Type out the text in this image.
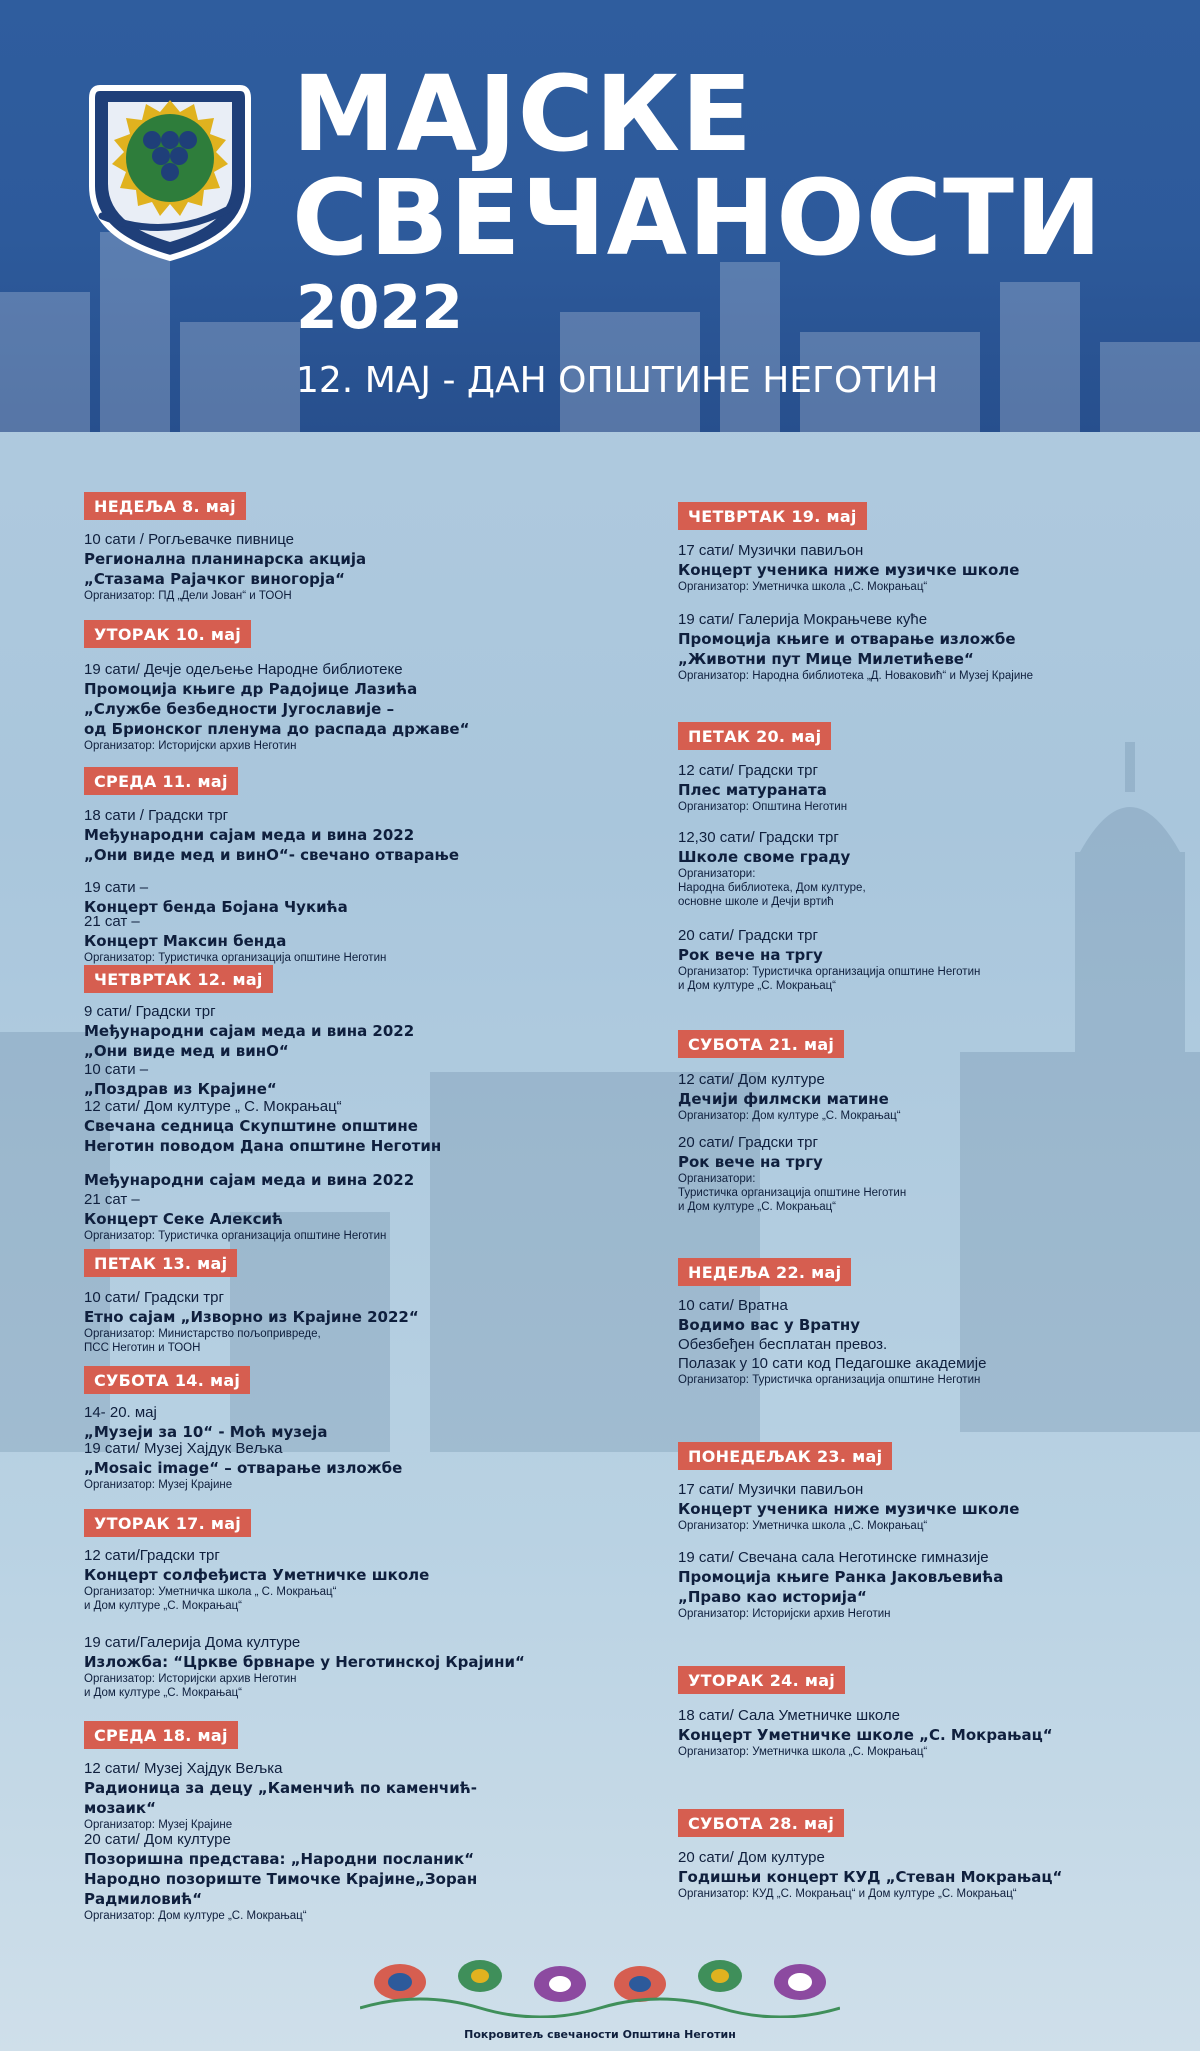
МАЈСКЕ
СВЕЧАНОСТИ
2022
12. МАЈ - ДАН ОПШТИНЕ НЕГОТИН
НЕДЕЉА 8. мај
10 сати / Рогљевачке пивнице
Регионална планинарска акција
„Стазама Рајачког виногорја“
Организатор: ПД „Дели Јован“ и ТООН
УТОРАК 10. мај
19 сати/ Дечје одељење Народне библиотеке
Промоција књиге др Радојице Лазића
„Службе безбедности Југославије –
од Брионског пленума до распада државе“
Организатор: Историјски архив Неготин
СРЕДА 11. мај
18 сати / Градски трг
Међународни сајам меда и вина 2022
„Они виде мед и винО“- свечано отварање
19 сати –
Концерт бенда Бојана Чукића
21 сат –
Концерт Максин бенда
Организатор: Туристичка организација општине Неготин
ЧЕТВРТАК 12. мај
9 сати/ Градски трг
Међународни сајам меда и вина 2022
„Они виде мед и винО“
10 сати –
„Поздрав из Крајине“
12 сати/ Дом културе „ С. Мокрањац“
Свечана седница Скупштине општине
Неготин поводом Дана општине Неготин
Међународни сајам меда и вина 2022
21 сат –
Концерт Секе Алексић
Организатор: Туристичка организација општине Неготин
ПЕТАК 13. мај
10 сати/ Градски трг
Етно сајам „Изворно из Крајине 2022“
Организатор: Министарство пољопривреде,
ПСС Неготин и ТООН
СУБОТА 14. мај
14- 20. мај
„Музеји за 10“ - Моћ музеја
19 сати/ Музеј Хајдук Вељка
„Mosaic image“ – отварање изложбе
Организатор: Музеј Крајине
УТОРАК 17. мај
12 сати/Градски трг
Концерт солфеђиста Уметничке школе
Организатор: Уметничка школа „ С. Мокрањац“
и Дом културе „С. Мокрањац“
19 сати/Галерија Дома културе
Изложба: “Цркве брвнаре у Неготинској Крајини“
Организатор: Историјски архив Неготин
и Дом културе „С. Мокрањац“
СРЕДА 18. мај
12 сати/ Музеј Хајдук Вељка
Радионица за децу „Каменчић по каменчић-мозаик“
Организатор: Музеј Крајине
20 сати/ Дом културе
Позоришна представа: „Народни посланик“
Народно позориште Тимочке Крајине„Зоран Радмиловић“
Организатор: Дом културе „С. Мокрањац“
ЧЕТВРТАК 19. мај
17 сати/ Музички павиљон
Концерт ученика ниже музичке школе
Организатор: Уметничка школа „С. Мокрањац“
19 сати/ Галерија Мокрањчеве куће
Промоција књиге и отварање изложбе
„Животни пут Мице Милетићеве“
Организатор: Народна библиотека „Д. Новаковић“ и Музеј Крајине
ПЕТАК 20. мај
12 сати/ Градски трг
Плес матураната
Организатор: Општина Неготин
12,30 сати/ Градски трг
Школе своме граду
Организатори:
Народна библиотека, Дом културе,
основне школе и Дечји вртић
20 сати/ Градски трг
Рок вече на тргу
Организатор: Туристичка организација општине Неготин
и Дом културе „С. Мокрањац“
СУБОТА 21. мај
12 сати/ Дом културе
Дечији филмски матине
Организатор: Дом културе „С. Мокрањац“
20 сати/ Градски трг
Рок вече на тргу
Организатори:
Туристичка организација општине Неготин
и Дом културе „С. Мокрањац“
НЕДЕЉА 22. мај
10 сати/ Вратна
Водимо вас у Вратну
Обезбеђен бесплатан превоз.
Полазак у 10 сати код Педагошке академије
Организатор: Туристичка организација општине Неготин
ПОНЕДЕЉАК 23. мај
17 сати/ Музички павиљон
Концерт ученика ниже музичке школе
Организатор: Уметничка школа „С. Мокрањац“
19 сати/ Свечана сала Неготинске гимназије
Промоција књиге Ранка Јаковљевића
„Право као историја“
Организатор: Историјски архив Неготин
УТОРАК 24. мај
18 сати/ Сала Уметничке школе
Концерт Уметничке школе „С. Мокрањац“
Организатор: Уметничка школа „С. Мокрањац“
СУБОТА 28. мај
20 сати/ Дом културе
Годишњи концерт КУД „Стеван Мокрањац“
Организатор: КУД „С. Мокрањац“ и Дом културе „С. Мокрањац“
Покровитељ свечаности Општина Неготин
